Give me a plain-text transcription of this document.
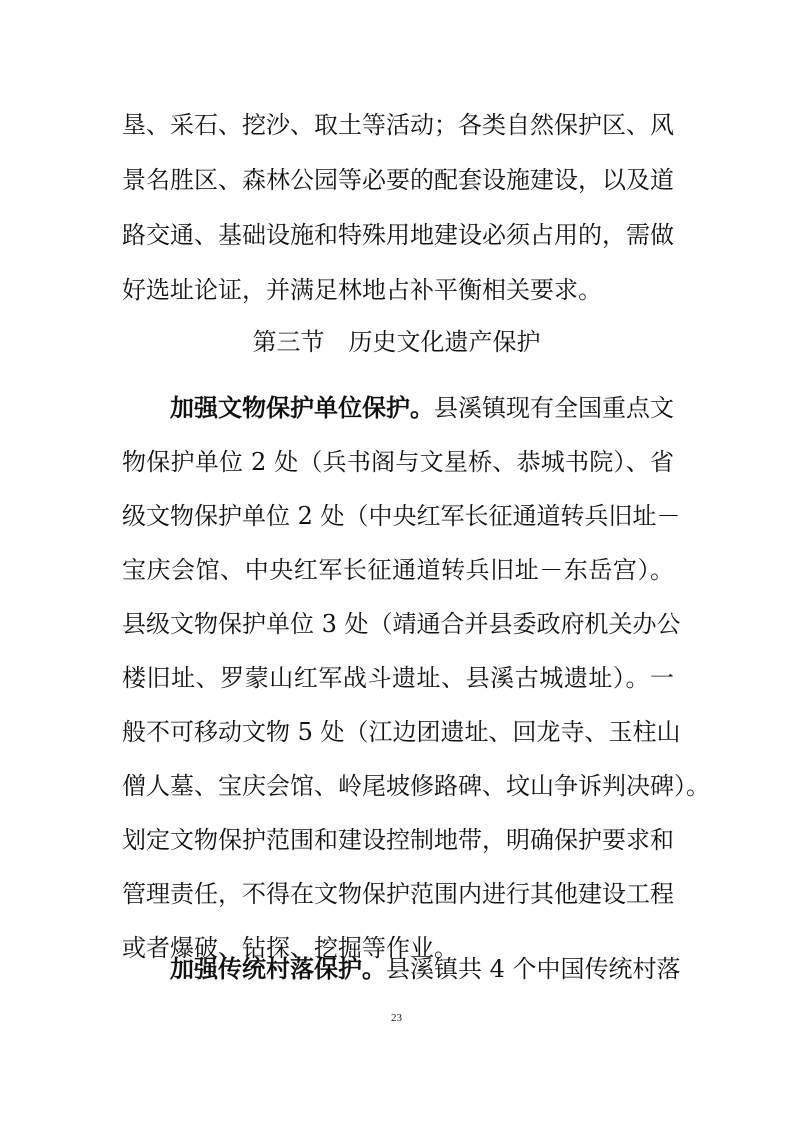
垦、采石、挖沙、取土等活动；各类自然保护区、风
景名胜区、森林公园等必要的配套设施建设，以及道
路交通、基础设施和特殊用地建设必须占用的，需做
好选址论证，并满足林地占补平衡相关要求。
第三节 历史文化遗产保护
加强文物保护单位保护。县溪镇现有全国重点文
物保护单位 2 处（兵书阁与文星桥、恭城书院）、省
级文物保护单位 2 处（中央红军长征通道转兵旧址－
宝庆会馆、中央红军长征通道转兵旧址－东岳宫）。
县级文物保护单位 3 处（靖通合并县委政府机关办公
楼旧址、罗蒙山红军战斗遗址、县溪古城遗址）。一
般不可移动文物 5 处（江边团遗址、回龙寺、玉柱山
僧人墓、宝庆会馆、岭尾坡修路碑、坟山争诉判决碑）。
划定文物保护范围和建设控制地带，明确保护要求和
管理责任，不得在文物保护范围内进行其他建设工程
或者爆破、钻探、挖掘等作业。
加强传统村落保护。县溪镇共 4 个中国传统村落
23
